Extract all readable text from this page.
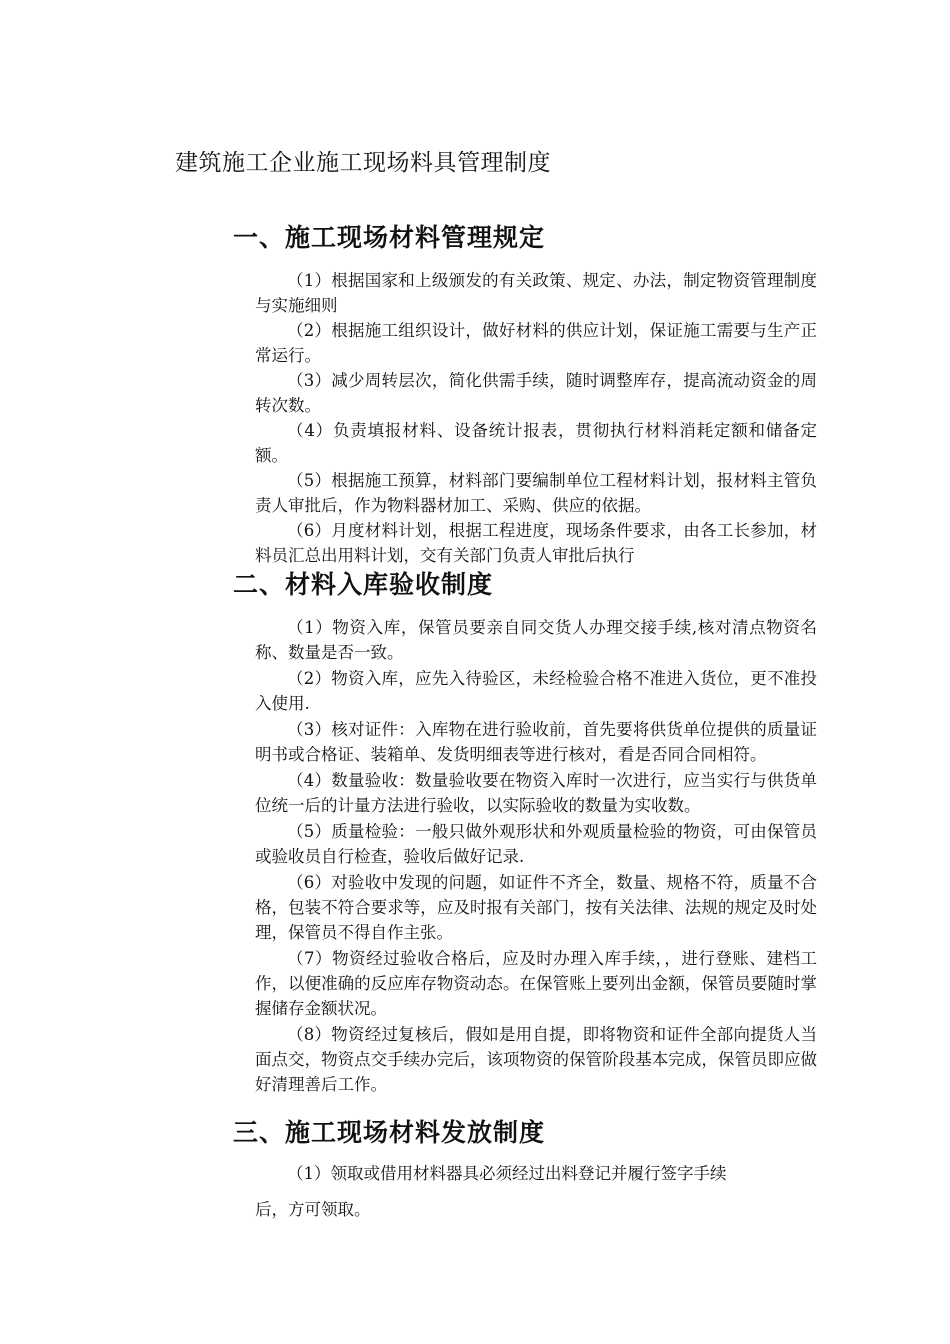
建筑施工企业施工现场料具管理制度
一、施工现场材料管理规定

（1）根据国家和上级颁发的有关政策、规定、办法，制定物资管理制度与实施细则

（2）根据施工组织设计，做好材料的供应计划，保证施工需要与生产正常运行。

（3）减少周转层次，简化供需手续，随时调整库存，提高流动资金的周转次数。

（4）负责填报材料、设备统计报表，贯彻执行材料消耗定额和储备定额。

（5）根据施工预算，材料部门要编制单位工程材料计划，报材料主管负责人审批后，作为物料器材加工、采购、供应的依据。

（6）月度材料计划，根据工程进度，现场条件要求，由各工长参加，材料员汇总出用料计划，交有关部门负责人审批后执行

二、材料入库验收制度

（1）物资入库，保管员要亲自同交货人办理交接手续,核对清点物资名称、数量是否一致。

（2）物资入库，应先入待验区，未经检验合格不准进入货位，更不准投入使用.

（3）核对证件：入库物在进行验收前，首先要将供货单位提供的质量证明书或合格证、装箱单、发货明细表等进行核对，看是否同合同相符。

（4）数量验收：数量验收要在物资入库时一次进行，应当实行与供货单位统一后的计量方法进行验收，以实际验收的数量为实收数。

（5）质量检验：一般只做外观形状和外观质量检验的物资，可由保管员或验收员自行检查，验收后做好记录.

（6）对验收中发现的问题，如证件不齐全，数量、规格不符，质量不合格，包装不符合要求等，应及时报有关部门，按有关法律、法规的规定及时处理，保管员不得自作主张。

（7）物资经过验收合格后，应及时办理入库手续，，进行登账、建档工作，以便准确的反应库存物资动态。在保管账上要列出金额，保管员要随时掌握储存金额状况。

（8）物资经过复核后，假如是用自提，即将物资和证件全部向提货人当面点交，物资点交手续办完后，该项物资的保管阶段基本完成，保管员即应做好清理善后工作。

三、施工现场材料发放制度

（1）领取或借用材料器具必须经过出料登记并履行签字手续

后，方可领取。
